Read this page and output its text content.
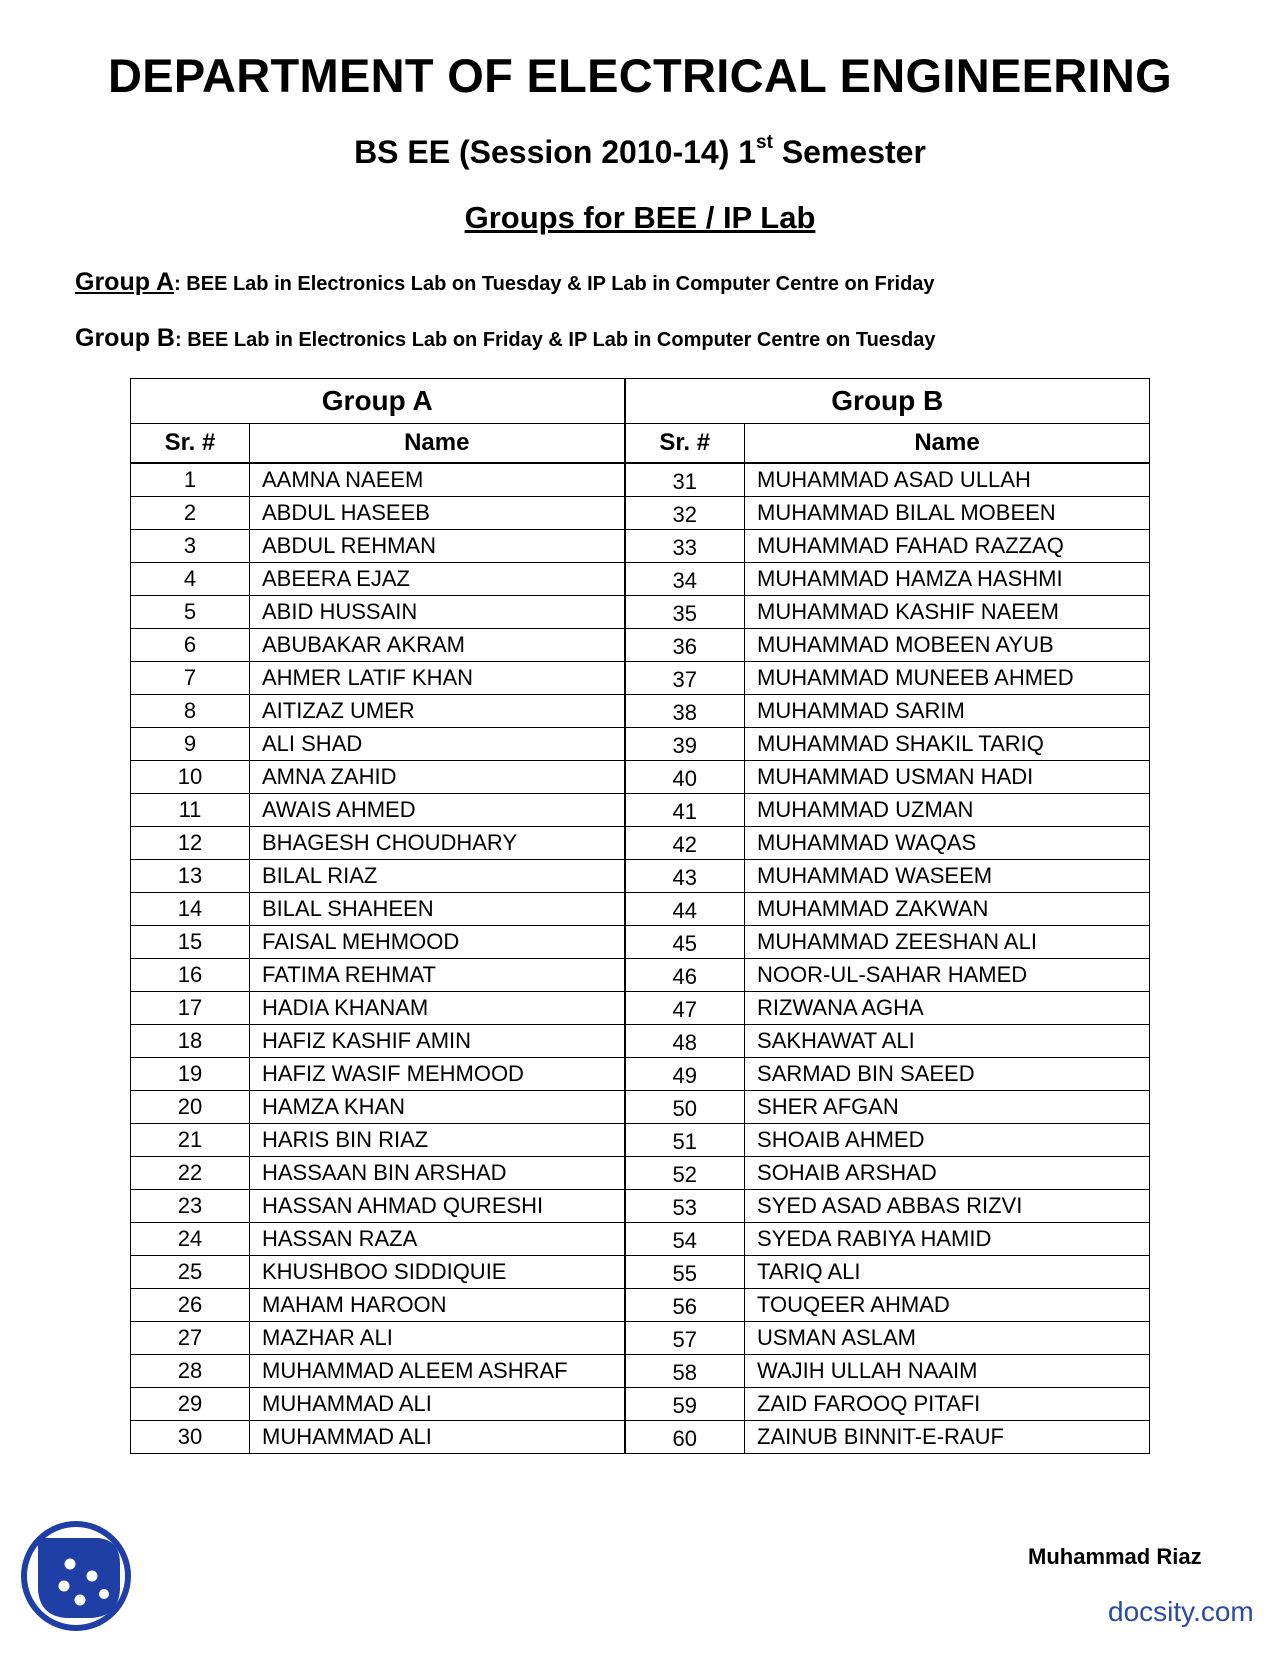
DEPARTMENT OF ELECTRICAL ENGINEERING
BS EE (Session 2010-14) 1st Semester
Groups for BEE / IP Lab
Group A: BEE Lab in Electronics Lab on Tuesday & IP Lab in Computer Centre on Friday
Group B: BEE Lab in Electronics Lab on Friday & IP Lab in Computer Centre on Tuesday
Group A		Group B	
Sr. #	Name	Sr. #	Name
1	AAMNA NAEEM	31	MUHAMMAD ASAD ULLAH
2	ABDUL HASEEB	32	MUHAMMAD BILAL MOBEEN
3	ABDUL REHMAN	33	MUHAMMAD FAHAD RAZZAQ
4	ABEERA EJAZ	34	MUHAMMAD HAMZA HASHMI
5	ABID HUSSAIN	35	MUHAMMAD KASHIF NAEEM
6	ABUBAKAR AKRAM	36	MUHAMMAD MOBEEN AYUB
7	AHMER LATIF KHAN	37	MUHAMMAD MUNEEB AHMED
8	AITIZAZ UMER	38	MUHAMMAD SARIM
9	ALI SHAD	39	MUHAMMAD SHAKIL TARIQ
10	AMNA ZAHID	40	MUHAMMAD USMAN HADI
11	AWAIS AHMED	41	MUHAMMAD UZMAN
12	BHAGESH CHOUDHARY	42	MUHAMMAD WAQAS
13	BILAL RIAZ	43	MUHAMMAD WASEEM
14	BILAL SHAHEEN	44	MUHAMMAD ZAKWAN
15	FAISAL MEHMOOD	45	MUHAMMAD ZEESHAN ALI
16	FATIMA REHMAT	46	NOOR-UL-SAHAR HAMED
17	HADIA KHANAM	47	RIZWANA AGHA
18	HAFIZ KASHIF AMIN	48	SAKHAWAT ALI
19	HAFIZ WASIF MEHMOOD	49	SARMAD BIN SAEED
20	HAMZA KHAN	50	SHER AFGAN
21	HARIS BIN RIAZ	51	SHOAIB AHMED
22	HASSAAN BIN ARSHAD	52	SOHAIB ARSHAD
23	HASSAN AHMAD QURESHI	53	SYED ASAD ABBAS RIZVI
24	HASSAN RAZA	54	SYEDA RABIYA HAMID
25	KHUSHBOO SIDDIQUIE	55	TARIQ ALI
26	MAHAM HAROON	56	TOUQEER AHMAD
27	MAZHAR ALI	57	USMAN ASLAM
28	MUHAMMAD ALEEM ASHRAF	58	WAJIH ULLAH NAAIM
29	MUHAMMAD ALI	59	ZAID FAROOQ PITAFI
30	MUHAMMAD ALI	60	ZAINUB BINNIT-E-RAUF
Muhammad Riaz
docsity.com
